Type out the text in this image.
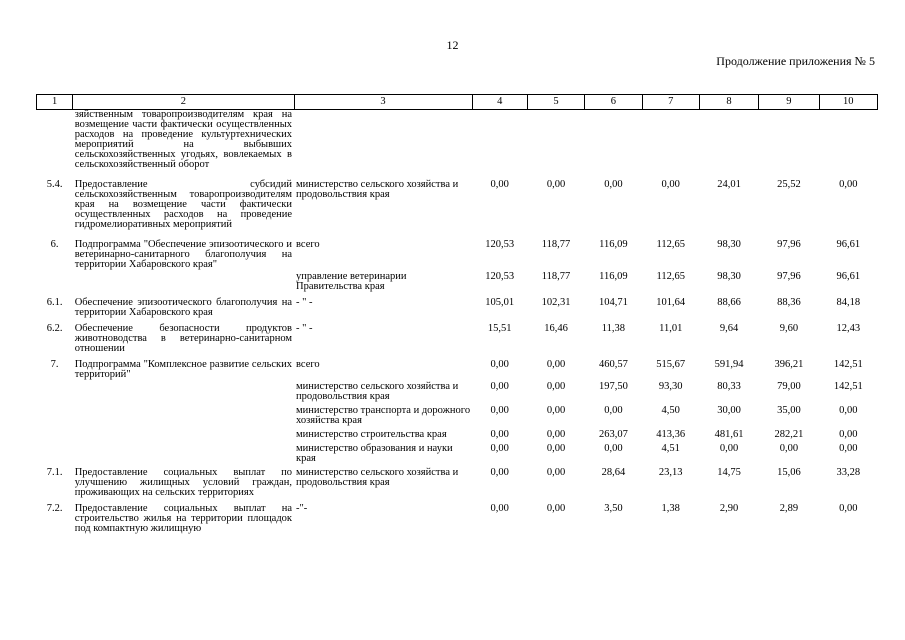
12
Продолжение приложения № 5
1	2	3	4	5	6	7	8	9	10
	зяйственным товаропроизводителям края на возмещение части фактически осуществленных расходов на проведение культуртехнических мероприятий на выбывших сельскохозяйственных угодьях, вовлекаемых в сельскохозяйственный оборот								

5.4.	Предоставление субсидий сельскохозяйственным товаропроизводителям края на возмещение части фактически осуществленных расходов на проведение гидромелиоративных мероприятий	министерство сельского хозяйства и продовольствия края	0,00	0,00	0,00	0,00	24,01	25,52	0,00

6.	Подпрограмма "Обеспечение эпизоотического и ветеринарно-санитарного благополучия на территории Хабаровского края"	всего	120,53	118,77	116,09	112,65	98,30	97,96	96,61

		управление ветеринарии Правительства края	120,53	118,77	116,09	112,65	98,30	97,96	96,61

6.1.	Обеспечение эпизоотического благополучия на территории Хабаровского края	- " -	105,01	102,31	104,71	101,64	88,66	88,36	84,18

6.2.	Обеспечение безопасности продуктов животноводства в ветеринарно-санитарном отношении	- " -	15,51	16,46	11,38	11,01	9,64	9,60	12,43

7.	Подпрограмма "Комплексное развитие сельских территорий"	всего	0,00	0,00	460,57	515,67	591,94	396,21	142,51

		министерство сельского хозяйства и продовольствия края	0,00	0,00	197,50	93,30	80,33	79,00	142,51

		министерство транспорта и дорожного хозяйства края	0,00	0,00	0,00	4,50	30,00	35,00	0,00

		министерство строительства края	0,00	0,00	263,07	413,36	481,61	282,21	0,00

		министерство образования и науки края	0,00	0,00	0,00	4,51	0,00	0,00	0,00

7.1.	Предоставление социальных выплат по улучшению жилищных условий граждан, проживающих на сельских территориях	министерство сельского хозяйства и продовольствия края	0,00	0,00	28,64	23,13	14,75	15,06	33,28

7.2.	Предоставление социальных выплат на строительство жилья на территории площадок под компактную жилищную	-"-	0,00	0,00	3,50	1,38	2,90	2,89	0,00
